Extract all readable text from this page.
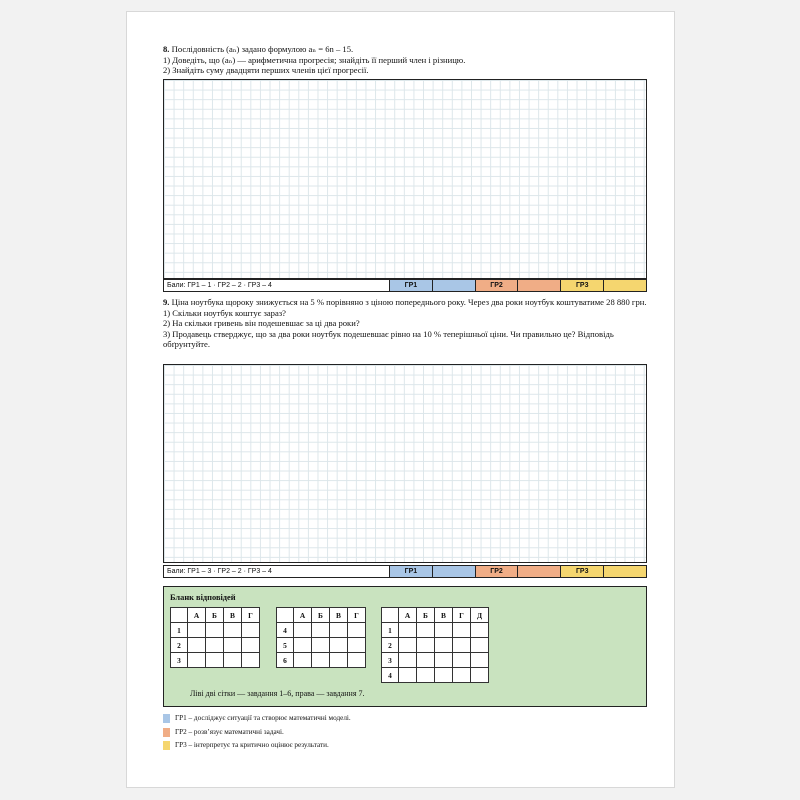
8. Послідовність (aₙ) задано формулою aₙ = 6n – 15.
1) Доведіть, що (aₙ) — арифметична прогресія; знайдіть її перший член і різницю.
2) Знайдіть суму двадцяти перших членів цієї прогресії.
Бали: ГР1 – 1 · ГР2 – 2 · ГР3 – 4	ГР1	ГР2	ГР3
9. Ціна ноутбука щороку знижується на 5 % порівняно з ціною попереднього року. Через два роки ноутбук коштуватиме 28 880 грн.
1) Скільки ноутбук коштує зараз?
2) На скільки гривень він подешевшає за ці два роки?
3) Продавець стверджує, що за два роки ноутбук подешевшає рівно на 10 % теперішньої ціни. Чи правильно це? Відповідь обґрунтуйте.
Бали: ГР1 – 3 · ГР2 – 2 · ГР3 – 4	ГР1	ГР2	ГР3
Бланк відповідей
	А	Б	В	Г
1				
2				
3				
	А	Б	В	Г
4				
5				
6				
	А	Б	В	Г	Д
1					
2					
3					
4					
Ліві дві сітки — завдання 1–6, права — завдання 7.
ГР1 – досліджує ситуації та створює математичні моделі.
ГР2 – розв’язує математичні задачі.
ГР3 – інтерпретує та критично оцінює результати.
